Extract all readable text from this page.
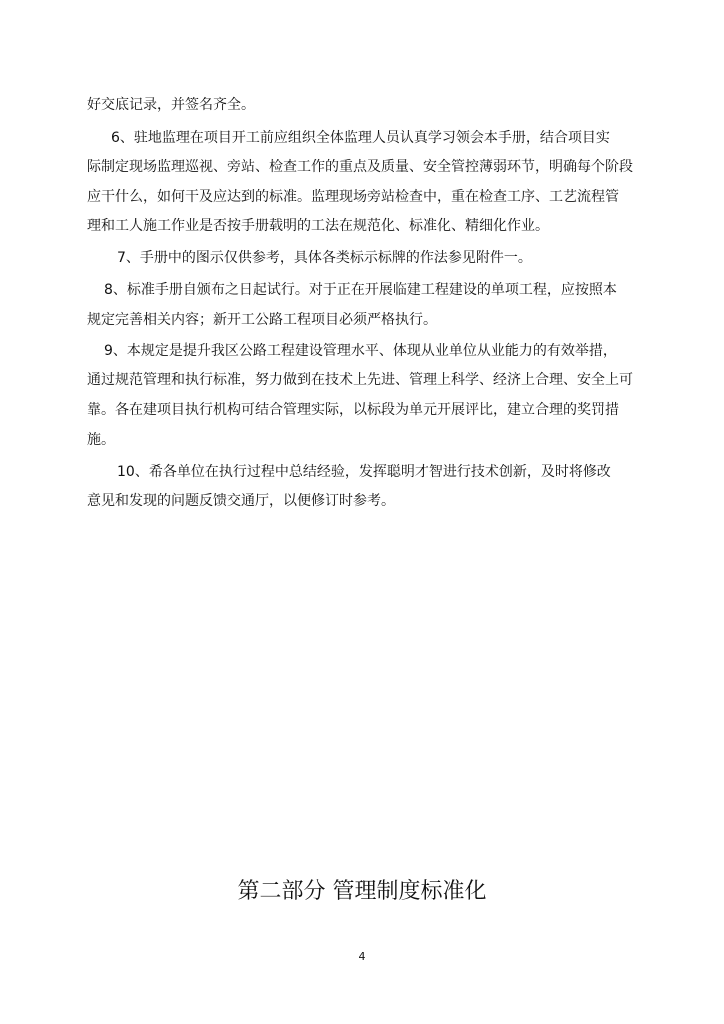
好交底记录，并签名齐全。
6、驻地监理在项目开工前应组织全体监理人员认真学习领会本手册，结合项目实
际制定现场监理巡视、旁站、检查工作的重点及质量、安全管控薄弱环节，明确每个阶段
应干什么，如何干及应达到的标准。监理现场旁站检查中，重在检查工序、工艺流程管
理和工人施工作业是否按手册载明的工法在规范化、标准化、精细化作业。
7、手册中的图示仅供参考，具体各类标示标牌的作法参见附件一。
8、标准手册自颁布之日起试行。对于正在开展临建工程建设的单项工程，应按照本
规定完善相关内容；新开工公路工程项目必须严格执行。
9、本规定是提升我区公路工程建设管理水平、体现从业单位从业能力的有效举措，
通过规范管理和执行标准，努力做到在技术上先进、管理上科学、经济上合理、安全上可
靠。各在建项目执行机构可结合管理实际，以标段为单元开展评比，建立合理的奖罚措
施。
10、希各单位在执行过程中总结经验，发挥聪明才智进行技术创新，及时将修改
意见和发现的问题反馈交通厅，以便修订时参考。
第二部分 管理制度标准化
4
